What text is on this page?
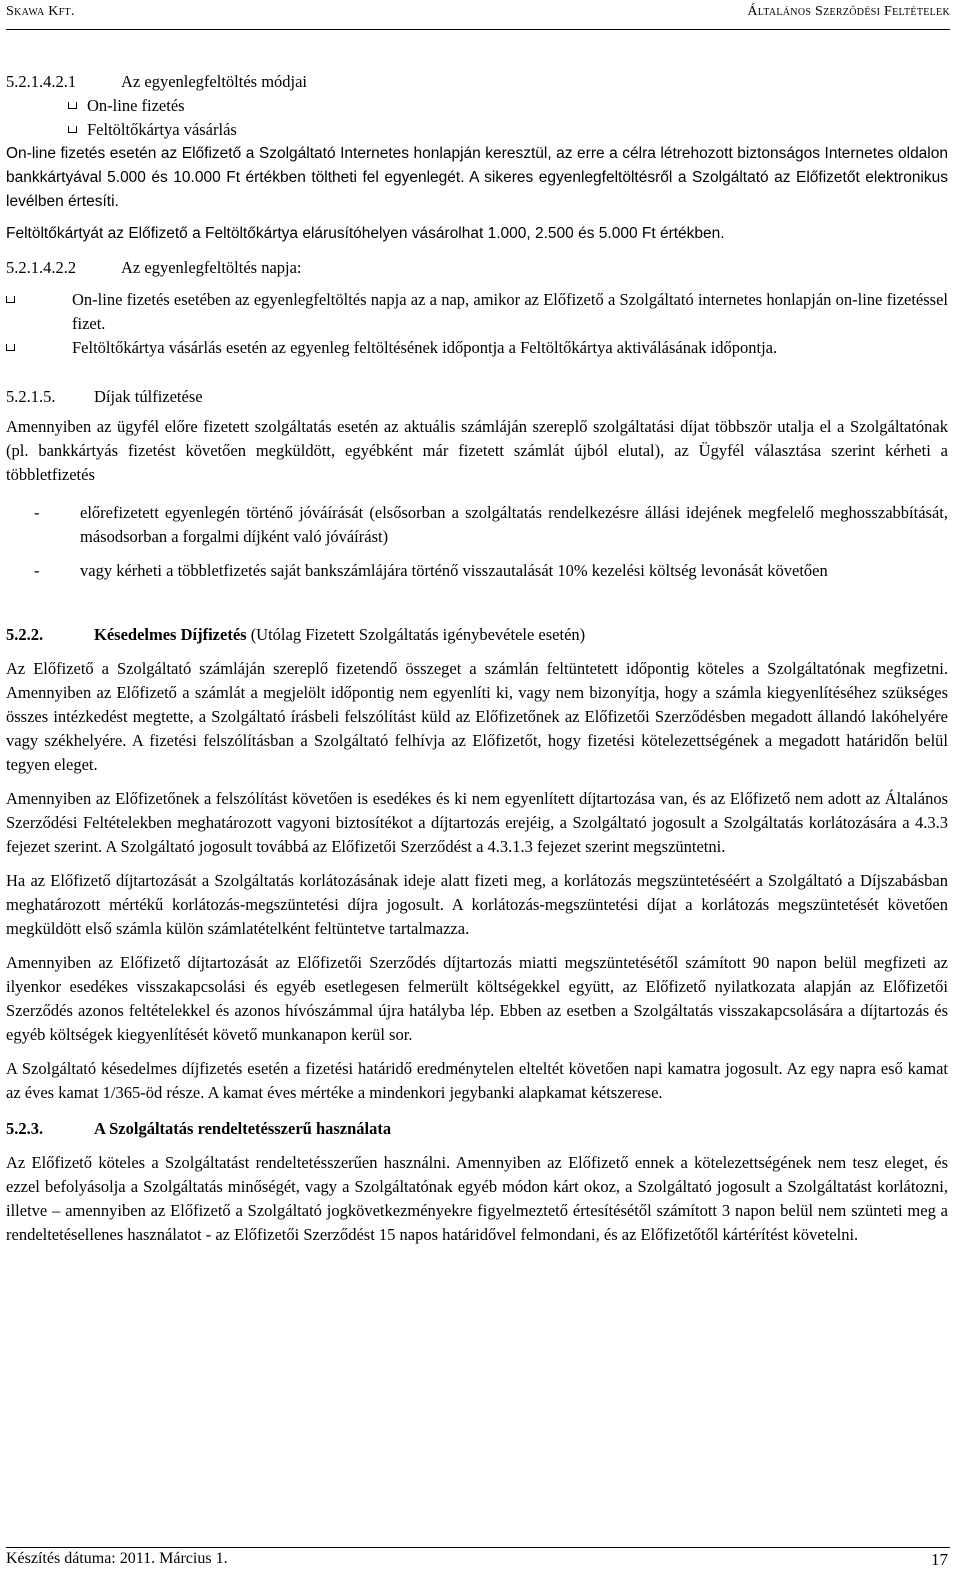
Skawa Kft.	Általános Szerződési Feltételek
5.2.1.4.2.1	Az egyenlegfeltöltés módjai
On-line fizetés
Feltöltőkártya vásárlás

On-line fizetés esetén az Előfizető a Szolgáltató Internetes honlapján keresztül, az erre a célra létrehozott biztonságos Internetes oldalon bankkártyával 5.000 és 10.000 Ft értékben töltheti fel egyenlegét. A sikeres egyenlegfeltöltésről a Szolgáltató az Előfizetőt elektronikus levélben értesíti.

Feltöltőkártyát az Előfizető a Feltöltőkártya elárusítóhelyen vásárolhat 1.000, 2.500 és 5.000 Ft értékben.

5.2.1.4.2.2	Az egyenlegfeltöltés napja:

On-line fizetés esetében az egyenlegfeltöltés napja az a nap, amikor az Előfizető a Szolgáltató internetes honlapján on-line fizetéssel fizet.

Feltöltőkártya vásárlás esetén az egyenleg feltöltésének időpontja a Feltöltőkártya aktiválásának időpontja.

5.2.1.5. Díjak túlfizetése

Amennyiben az ügyfél előre fizetett szolgáltatás esetén az aktuális számláján szereplő szolgáltatási díjat többször utalja el a Szolgáltatónak (pl. bankkártyás fizetést követően megküldött, egyébként már fizetett számlát újból elutal), az Ügyfél választása szerint kérheti a többletfizetés

-	előrefizetett egyenlegén történő jóváírását (elsősorban a szolgáltatás rendelkezésre állási idejének megfelelő meghosszabbítását, másodsorban a forgalmi díjként való jóváírást)
-	vagy kérheti a többletfizetés saját bankszámlájára történő visszautalását 10% kezelési költség levonását követően
5.2.2.	Késedelmes Díjfizetés (Utólag Fizetett Szolgáltatás igénybevétele esetén)

Az Előfizető a Szolgáltató számláján szereplő fizetendő összeget a számlán feltüntetett időpontig köteles a Szolgáltatónak megfizetni. Amennyiben az Előfizető a számlát a megjelölt időpontig nem egyenlíti ki, vagy nem bizonyítja, hogy a számla kiegyenlítéséhez szükséges összes intézkedést megtette, a Szolgáltató írásbeli felszólítást küld az Előfizetőnek az Előfizetői Szerződésben megadott állandó lakóhelyére vagy székhelyére. A fizetési felszólításban a Szolgáltató felhívja az Előfizetőt, hogy fizetési kötelezettségének a megadott határidőn belül tegyen eleget.

Amennyiben az Előfizetőnek a felszólítást követően is esedékes és ki nem egyenlített díjtartozása van, és az Előfizető nem adott az Általános Szerződési Feltételekben meghatározott vagyoni biztosítékot a díjtartozás erejéig, a Szolgáltató jogosult a Szolgáltatás korlátozására a 4.3.3 fejezet szerint. A Szolgáltató jogosult továbbá az Előfizetői Szerződést a 4.3.1.3 fejezet szerint megszüntetni.

Ha az Előfizető díjtartozását a Szolgáltatás korlátozásának ideje alatt fizeti meg, a korlátozás megszüntetéséért a Szolgáltató a Díjszabásban meghatározott mértékű korlátozás-megszüntetési díjra jogosult. A korlátozás-megszüntetési díjat a korlátozás megszüntetését követően megküldött első számla külön számlatételként feltüntetve tartalmazza.

Amennyiben az Előfizető díjtartozását az Előfizetői Szerződés díjtartozás miatti megszüntetésétől számított 90 napon belül megfizeti az ilyenkor esedékes visszakapcsolási és egyéb esetlegesen felmerült költségekkel együtt, az Előfizető nyilatkozata alapján az Előfizetői Szerződés azonos feltételekkel és azonos hívószámmal újra hatályba lép. Ebben az esetben a Szolgáltatás visszakapcsolására a díjtartozás és egyéb költségek kiegyenlítését követő munkanapon kerül sor.

A Szolgáltató késedelmes díjfizetés esetén a fizetési határidő eredménytelen elteltét követően napi kamatra jogosult. Az egy napra eső kamat az éves kamat 1/365-öd része. A kamat éves mértéke a mindenkori jegybanki alapkamat kétszerese.

5.2.3.	A Szolgáltatás rendeltetésszerű használata

Az Előfizető köteles a Szolgáltatást rendeltetésszerűen használni. Amennyiben az Előfizető ennek a kötelezettségének nem tesz eleget, és ezzel befolyásolja a Szolgáltatás minőségét, vagy a Szolgáltatónak egyéb módon kárt okoz, a Szolgáltató jogosult a Szolgáltatást korlátozni, illetve – amennyiben az Előfizető a Szolgáltató jogkövetkezményekre figyelmeztető értesítésétől számított 3 napon belül nem szünteti meg a rendeltetésellenes használatot - az Előfizetői Szerződést 15 napos határidővel felmondani, és az Előfizetőtől kártérítést követelni.

Készítés dátuma: 2011. Március 1.	17
